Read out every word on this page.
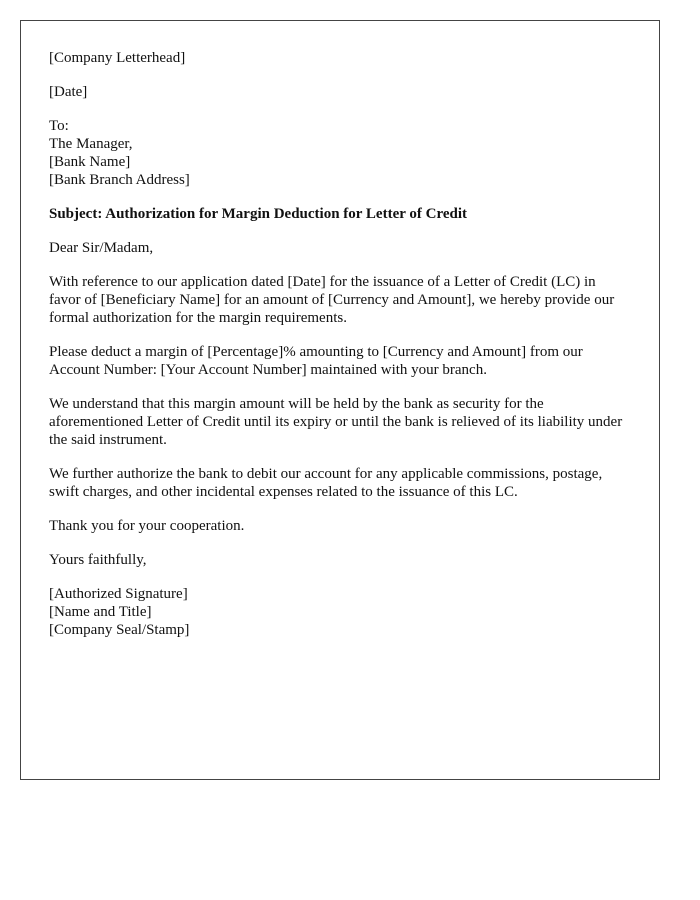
[Company Letterhead]
[Date]
To:
The Manager,
[Bank Name]
[Bank Branch Address]
Subject: Authorization for Margin Deduction for Letter of Credit
Dear Sir/Madam,

With reference to our application dated [Date] for the issuance of a Letter of Credit (LC) in favor of [Beneficiary Name] for an amount of [Currency and Amount], we hereby provide our formal authorization for the margin requirements.

Please deduct a margin of [Percentage]% amounting to [Currency and Amount] from our Account Number: [Your Account Number] maintained with your branch.

We understand that this margin amount will be held by the bank as security for the aforementioned Letter of Credit until its expiry or until the bank is relieved of its liability under the said instrument.

We further authorize the bank to debit our account for any applicable commissions, postage, swift charges, and other incidental expenses related to the issuance of this LC.

Thank you for your cooperation.
Yours faithfully,
[Authorized Signature]
[Name and Title]
[Company Seal/Stamp]
